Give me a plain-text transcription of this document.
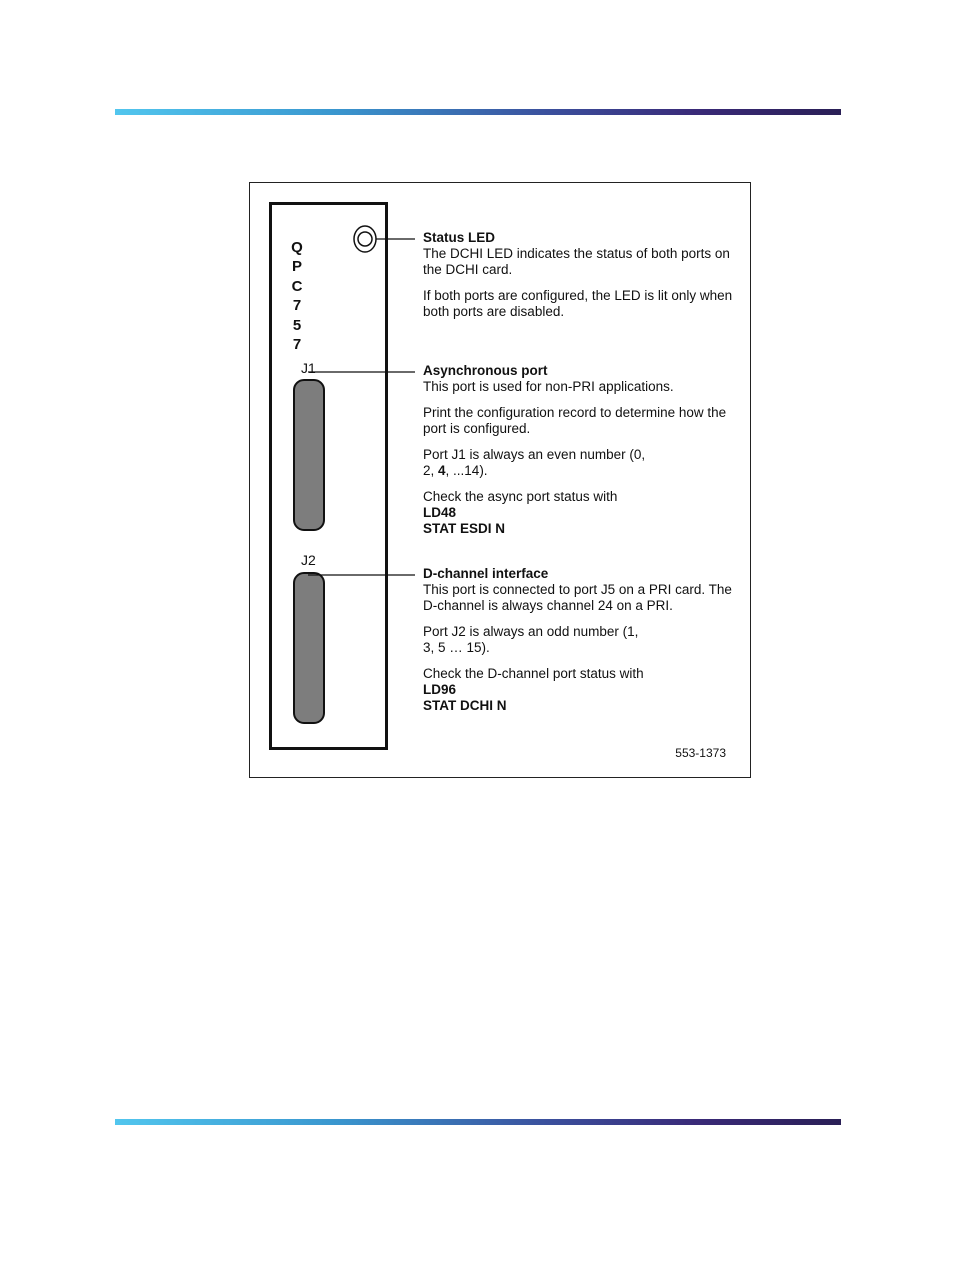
Q
P
C
7
5
7
J1
J2

Status LED
The DCHI LED indicates the status of both ports on the DCHI card.

If both ports are configured, the LED is lit only when both ports are disabled.

Asynchronous port
This port is used for non-PRI applications.

Print the configuration record to determine how the port is configured.

Port J1 is always an even number (0, 2, 4, ...14).

Check the async port status with
LD48
STAT ESDI N

D-channel interface
This port is connected to port J5 on a PRI card. The D-channel is always channel 24 on a PRI.

Port J2 is always an odd number (1, 3, 5 … 15).

Check the D-channel port status with
LD96
STAT DCHI N

553-1373
